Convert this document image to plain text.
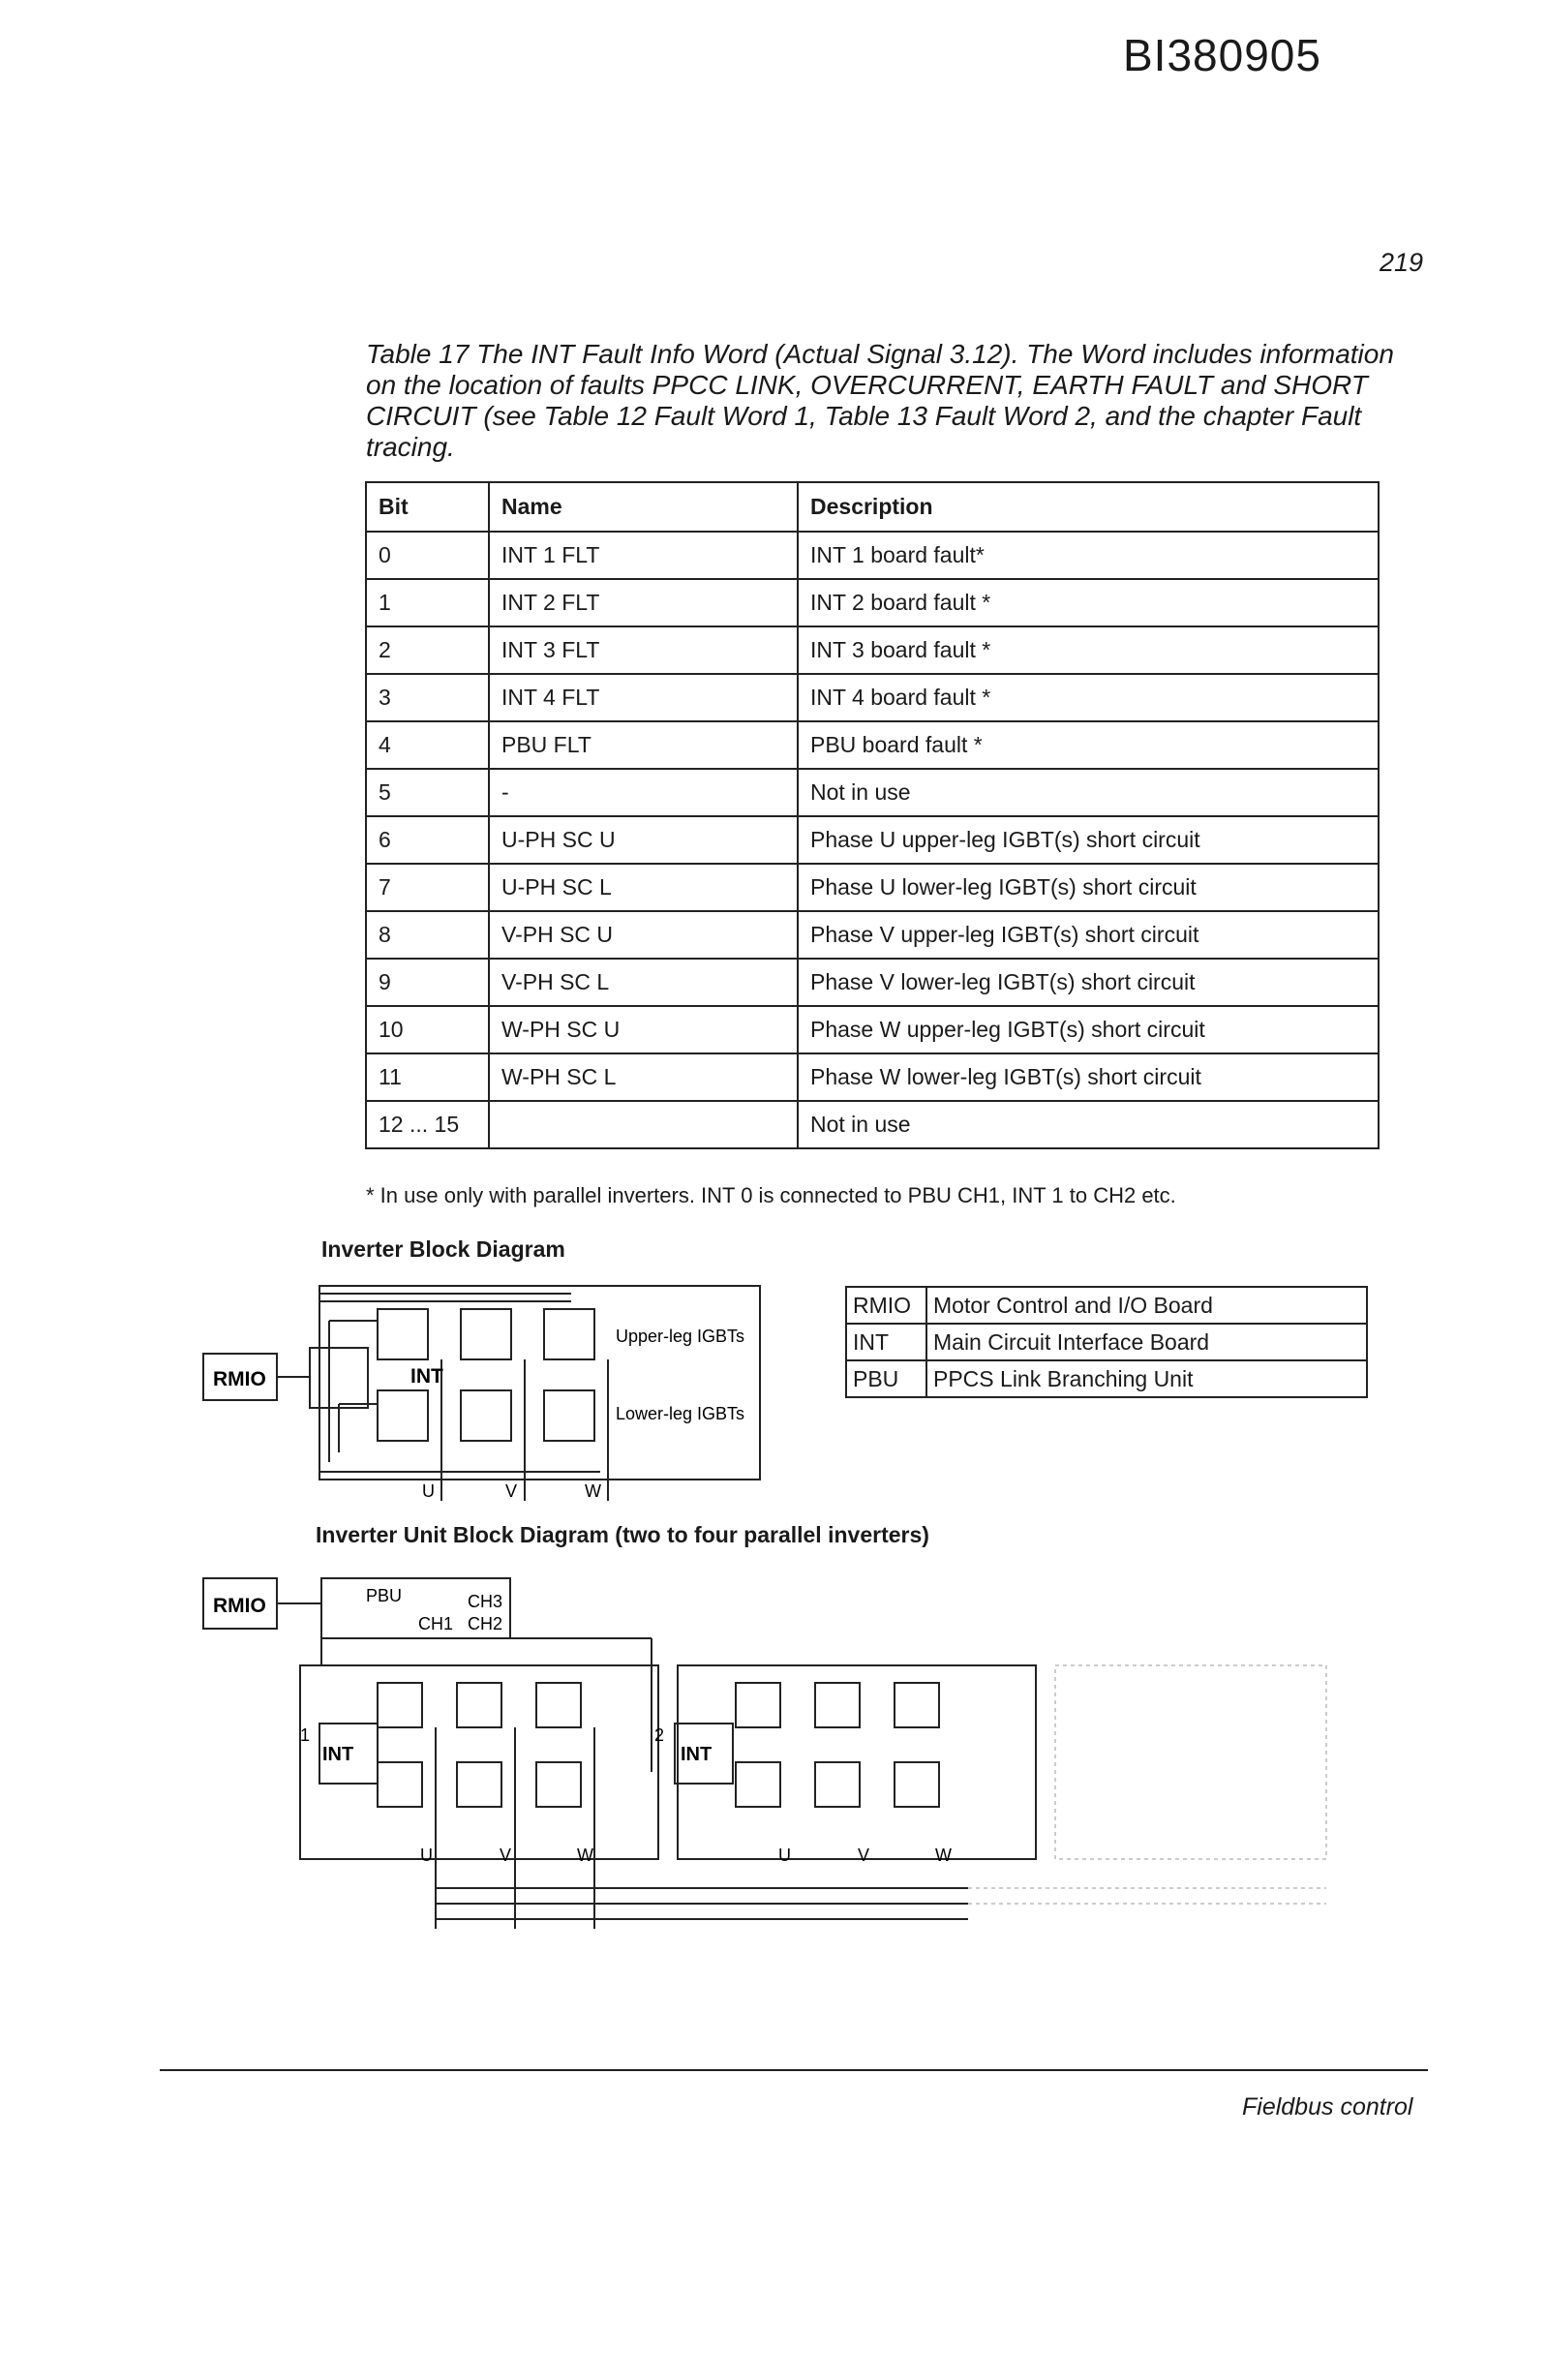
BI380905
219
Table 17 The INT Fault Info Word (Actual Signal 3.12). The Word includes information on the location of faults PPCC LINK, OVERCURRENT, EARTH FAULT and SHORT CIRCUIT (see Table 12 Fault Word 1, Table 13 Fault Word 2, and the chapter Fault tracing.
Bit	Name	Description
0	INT 1 FLT	INT 1 board fault*
1	INT 2 FLT	INT 2 board fault *
2	INT 3 FLT	INT 3 board fault *
3	INT 4 FLT	INT 4 board fault *
4	PBU FLT	PBU board fault *
5	-	Not in use
6	U-PH SC U	Phase U upper-leg IGBT(s) short circuit
7	U-PH SC L	Phase U lower-leg IGBT(s) short circuit
8	V-PH SC U	Phase V upper-leg IGBT(s) short circuit
9	V-PH SC L	Phase V lower-leg IGBT(s) short circuit
10	W-PH SC U	Phase W upper-leg IGBT(s) short circuit
11	W-PH SC L	Phase W lower-leg IGBT(s) short circuit
12 ... 15		Not in use
* In use only with parallel inverters. INT 0 is connected to PBU CH1, INT 1 to CH2 etc.
Inverter Block Diagram
INT
RMIO
Upper-leg IGBTs
Lower-leg IGBTs
U	V	W
RMIO	Motor Control and I/O Board
INT	Main Circuit Interface Board
PBU	PPCS Link Branching Unit
Inverter Unit Block Diagram (two to four parallel inverters)
RMIO	PBU	CH3
CH1 CH2
1	2
INT	INT
U	V	W	U	V	W
Fieldbus control
